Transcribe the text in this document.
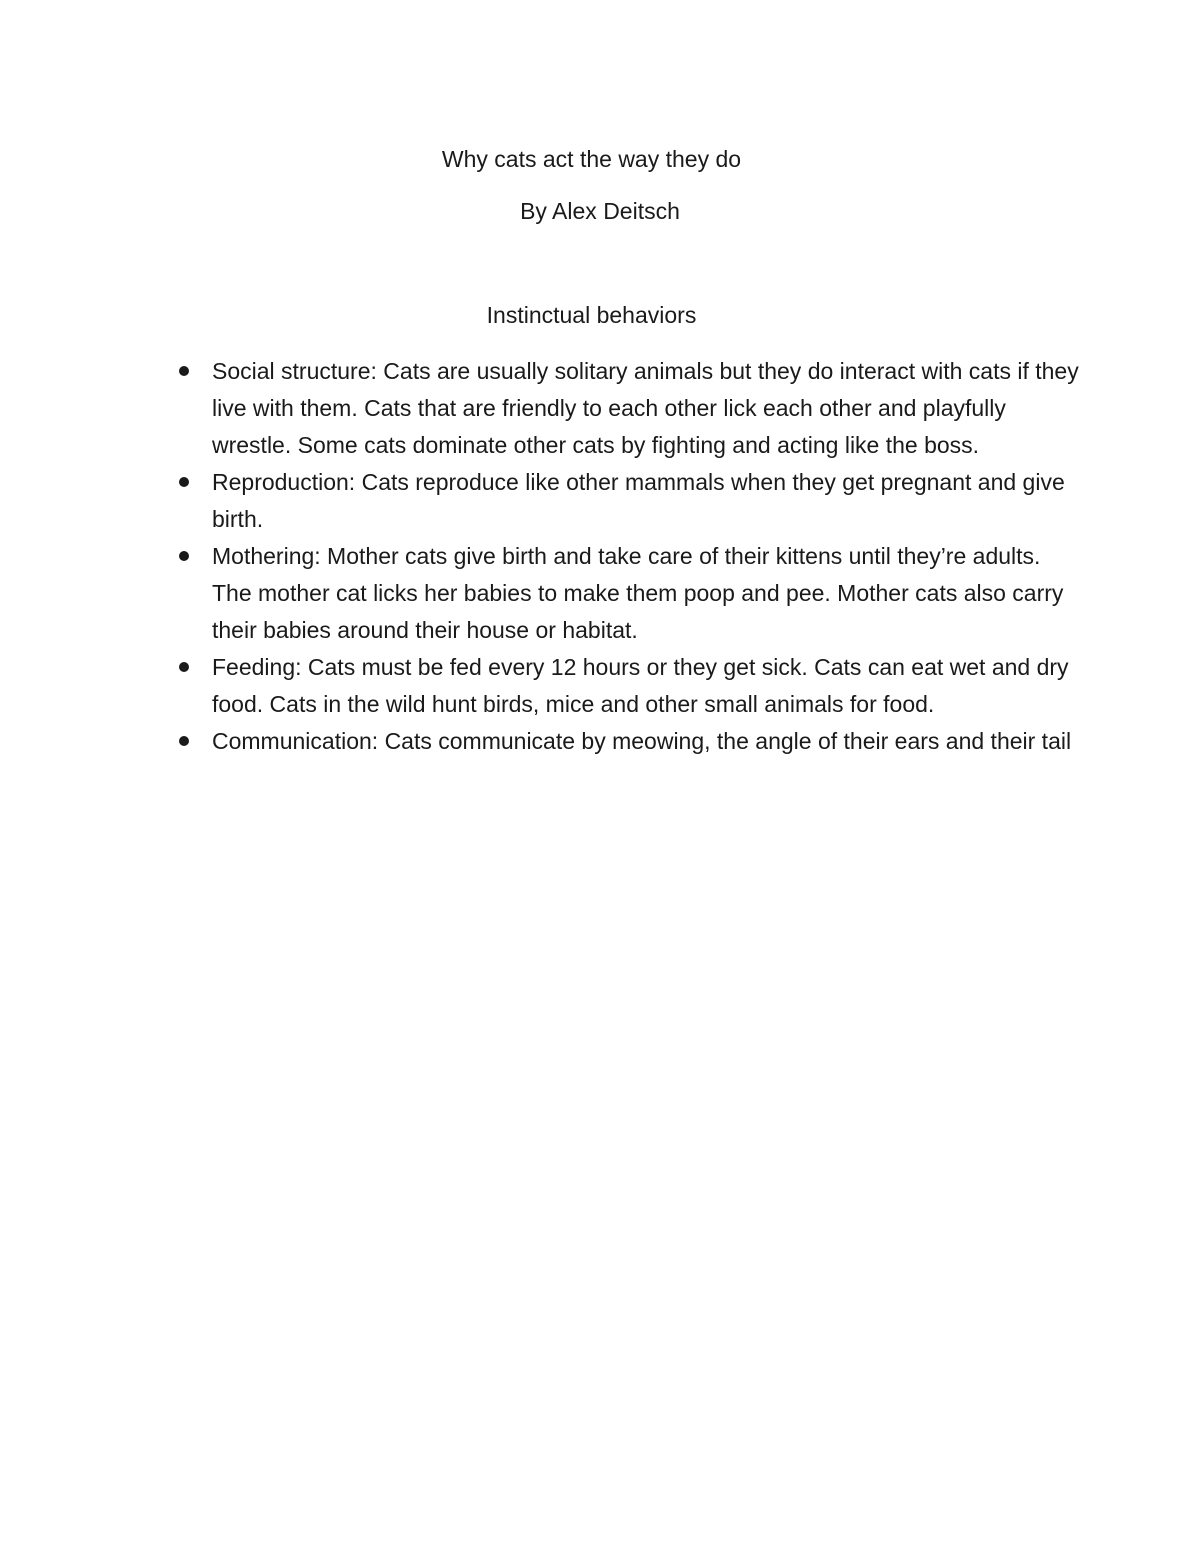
Why cats act the way they do

By Alex Deitsch

Instinctual behaviors
Social structure: Cats are usually solitary animals but they do interact with cats if they live with them. Cats that are friendly to each other lick each other and playfully wrestle. Some cats dominate other cats by fighting and acting like the boss.
Reproduction: Cats reproduce like other mammals when they get pregnant and give birth.
Mothering: Mother cats give birth and take care of their kittens until they’re adults. The mother cat licks her babies to make them poop and pee. Mother cats also carry their babies around their house or habitat.
Feeding: Cats must be fed every 12 hours or they get sick. Cats can eat wet and dry food. Cats in the wild hunt birds, mice and other small animals for food.
Communication: Cats communicate by meowing, the angle of their ears and their tail
